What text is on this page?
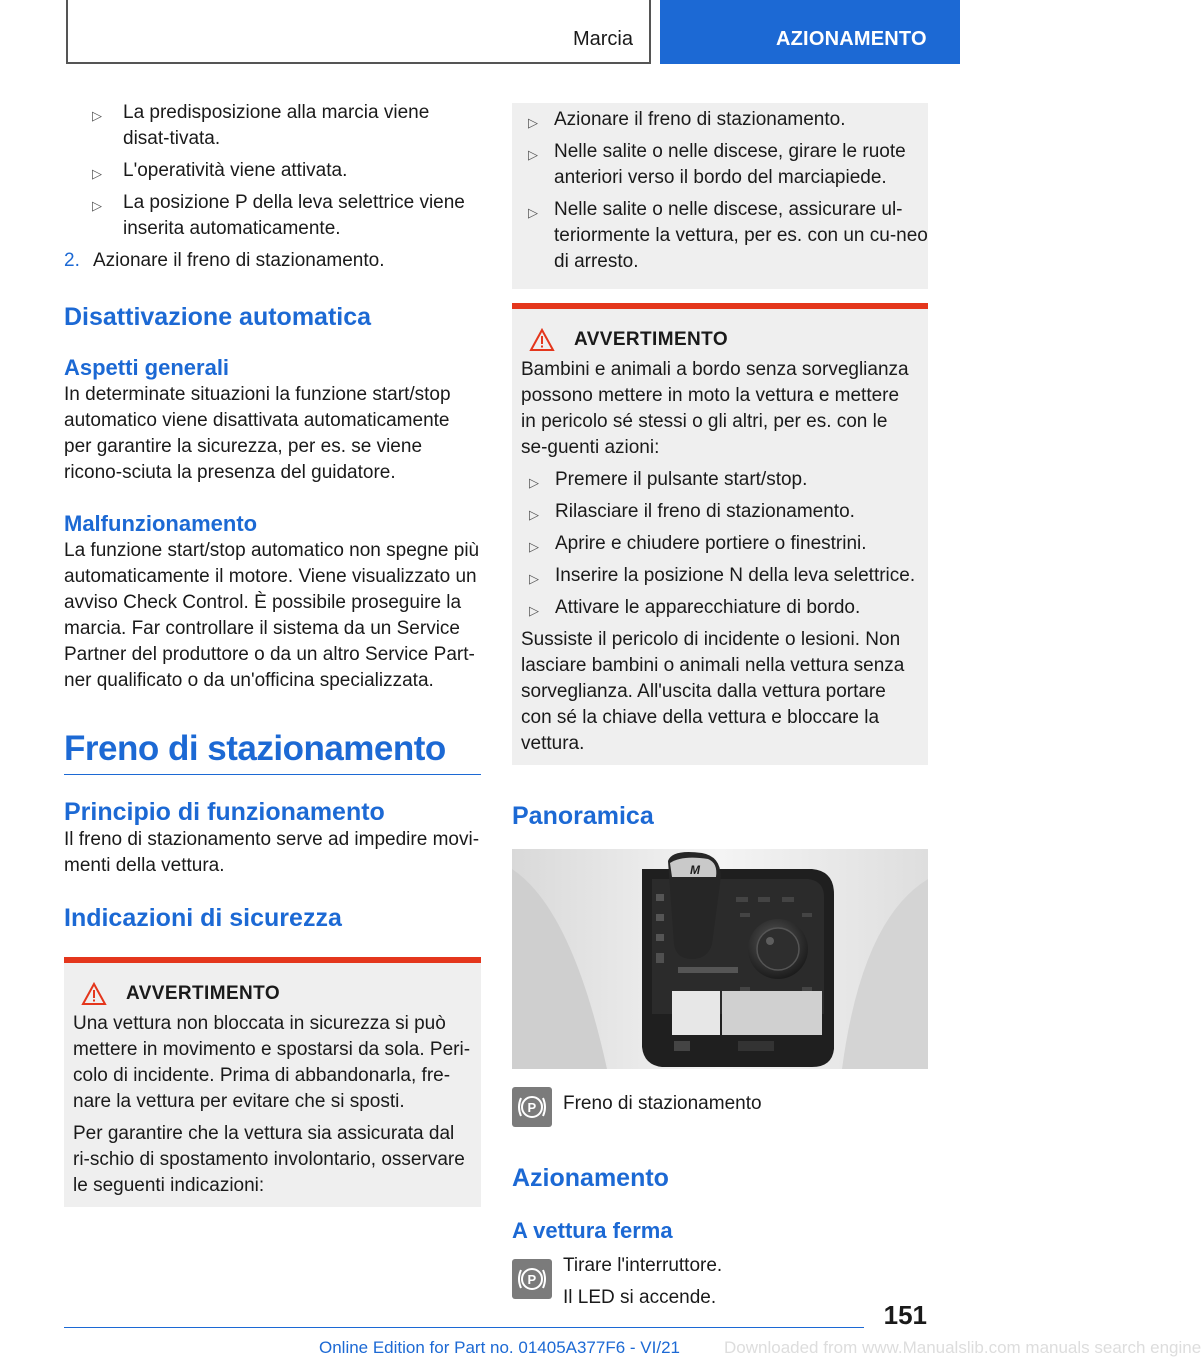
Marcia	AZIONAMENTO
▷ La predisposizione alla marcia viene disat-tivata.
▷ L'operatività viene attivata.
▷ La posizione P della leva selettrice viene inserita automaticamente.
2. Azionare il freno di stazionamento.
Disattivazione automatica
Aspetti generali
In determinate situazioni la funzione start/stop automatico viene disattivata automaticamente per garantire la sicurezza, per es. se viene ricono-sciuta la presenza del guidatore.
Malfunzionamento
La funzione start/stop automatico non spegne più automaticamente il motore. Viene visualizzato un avviso Check Control. È possibile proseguire la marcia. Far controllare il sistema da un Service Partner del produttore o da un altro Service Part-ner qualificato o da un'officina specializzata.
Freno di stazionamento
Principio di funzionamento
Il freno di stazionamento serve ad impedire movi-menti della vettura.
Indicazioni di sicurezza
AVVERTIMENTO
Una vettura non bloccata in sicurezza si può mettere in movimento e spostarsi da sola. Peri-colo di incidente. Prima di abbandonarla, fre-nare la vettura per evitare che si sposti.
Per garantire che la vettura sia assicurata dal ri-schio di spostamento involontario, osservare le seguenti indicazioni:
▷ Azionare il freno di stazionamento.
▷ Nelle salite o nelle discese, girare le ruote anteriori verso il bordo del marciapiede.
▷ Nelle salite o nelle discese, assicurare ul-teriormente la vettura, per es. con un cu-neo di arresto.
AVVERTIMENTO
Bambini e animali a bordo senza sorveglianza possono mettere in moto la vettura e mettere in pericolo sé stessi o gli altri, per es. con le se-guenti azioni:
▷ Premere il pulsante start/stop.
▷ Rilasciare il freno di stazionamento.
▷ Aprire e chiudere portiere o finestrini.
▷ Inserire la posizione N della leva selettrice.
▷ Attivare le apparecchiature di bordo.
Sussiste il pericolo di incidente o lesioni. Non lasciare bambini o animali nella vettura senza sorveglianza. All'uscita dalla vettura portare con sé la chiave della vettura e bloccare la vettura.
Panoramica
M
P Freno di stazionamento
Azionamento
A vettura ferma
P
Tirare l'interruttore.
Il LED si accende.
151
Online Edition for Part no. 01405A377F6 - VI/21	Downloaded from www.Manualslib.com manuals search engine
